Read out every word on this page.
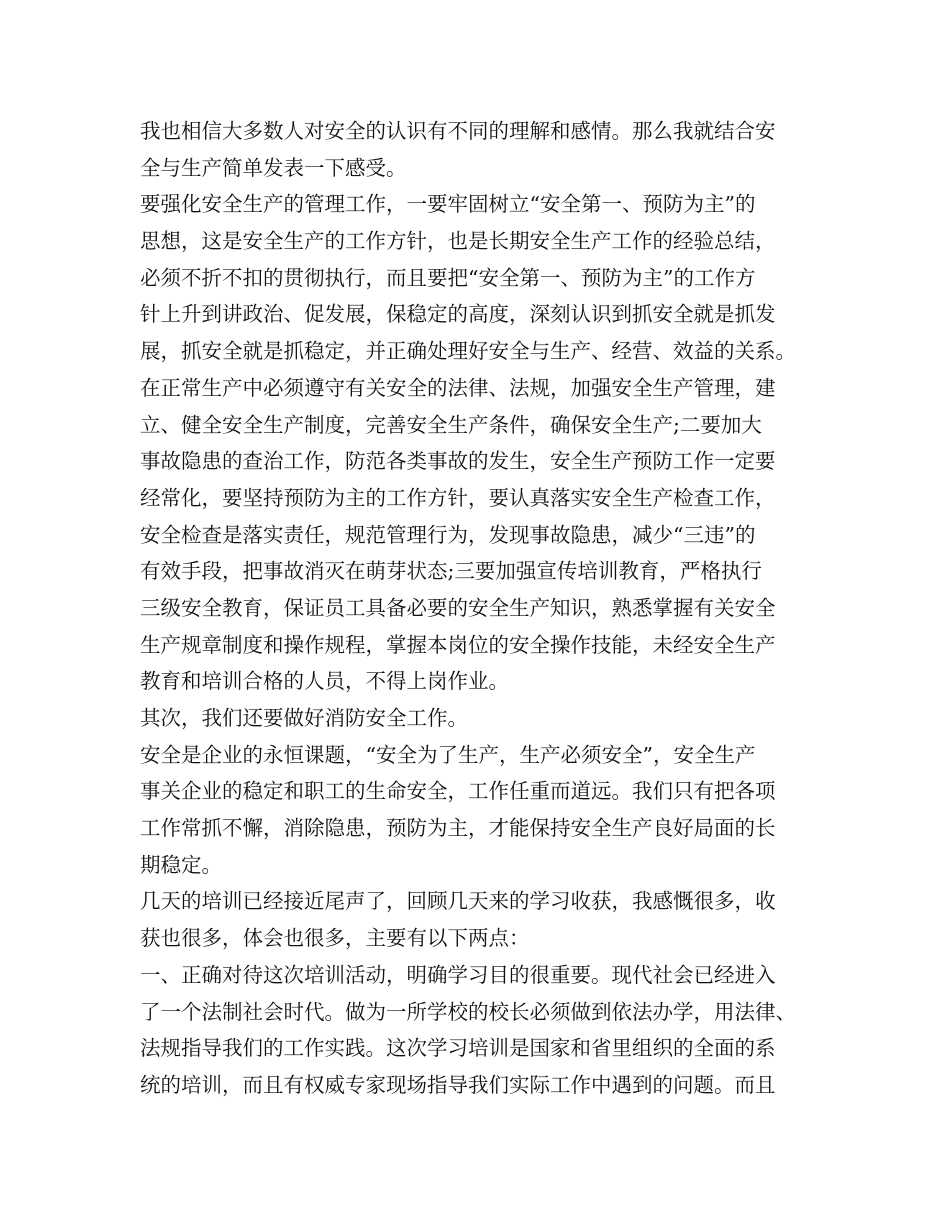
我也相信大多数人对安全的认识有不同的理解和感情。那么我就结合安
全与生产简单发表一下感受。
要强化安全生产的管理工作，一要牢固树立“安全第一、预防为主”的
思想，这是安全生产的工作方针，也是长期安全生产工作的经验总结，
必须不折不扣的贯彻执行，而且要把“安全第一、预防为主”的工作方
针上升到讲政治、促发展，保稳定的高度，深刻认识到抓安全就是抓发
展，抓安全就是抓稳定，并正确处理好安全与生产、经营、效益的关系。
在正常生产中必须遵守有关安全的法律、法规，加强安全生产管理，建
立、健全安全生产制度，完善安全生产条件，确保安全生产;二要加大
事故隐患的查治工作，防范各类事故的发生，安全生产预防工作一定要
经常化，要坚持预防为主的工作方针，要认真落实安全生产检查工作，
安全检查是落实责任，规范管理行为，发现事故隐患，减少“三违”的
有效手段，把事故消灭在萌芽状态;三要加强宣传培训教育，严格执行
三级安全教育，保证员工具备必要的安全生产知识，熟悉掌握有关安全
生产规章制度和操作规程，掌握本岗位的安全操作技能，未经安全生产
教育和培训合格的人员，不得上岗作业。
其次，我们还要做好消防安全工作。
安全是企业的永恒课题，“安全为了生产，生产必须安全”，安全生产
事关企业的稳定和职工的生命安全，工作任重而道远。我们只有把各项
工作常抓不懈，消除隐患，预防为主，才能保持安全生产良好局面的长
期稳定。
几天的培训已经接近尾声了，回顾几天来的学习收获，我感慨很多，收
获也很多，体会也很多，主要有以下两点：
一、正确对待这次培训活动，明确学习目的很重要。现代社会已经进入
了一个法制社会时代。做为一所学校的校长必须做到依法办学，用法律、
法规指导我们的工作实践。这次学习培训是国家和省里组织的全面的系
统的培训，而且有权威专家现场指导我们实际工作中遇到的问题。而且
